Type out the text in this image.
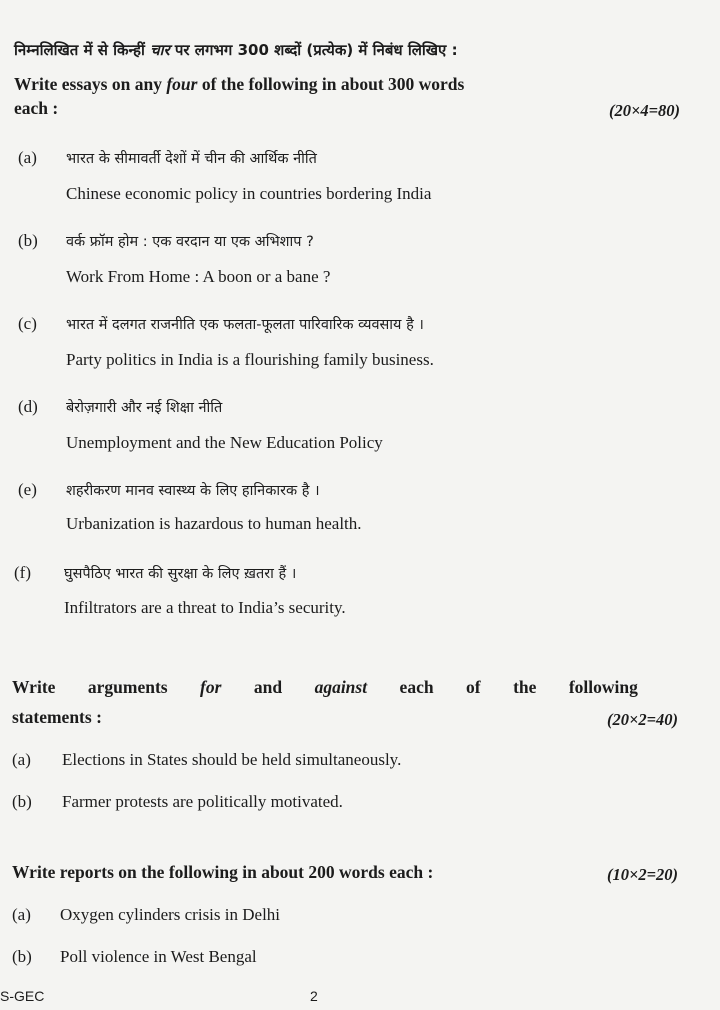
निम्नलिखित में से किन्हीं चार पर लगभग 300 शब्दों (प्रत्येक) में निबंध लिखिए :
Write essays on any four of the following in about 300 words
each :	(20×4=80)
(a) भारत के सीमावर्ती देशों में चीन की आर्थिक नीति
Chinese economic policy in countries bordering India
(b) वर्क फ्रॉम होम : एक वरदान या एक अभिशाप ?
Work From Home : A boon or a bane ?
(c) भारत में दलगत राजनीति एक फलता-फूलता पारिवारिक व्यवसाय है ।
Party politics in India is a flourishing family business.
(d) बेरोज़गारी और नई शिक्षा नीति
Unemployment and the New Education Policy
(e) शहरीकरण मानव स्वास्थ्य के लिए हानिकारक है ।
Urbanization is hazardous to human health.
(f) घुसपैठिए भारत की सुरक्षा के लिए ख़तरा हैं ।
Infiltrators are a threat to India’s security.
Write arguments for and against each of the following
statements :	(20×2=40)
(a) Elections in States should be held simultaneously.
(b) Farmer protests are politically motivated.
Write reports on the following in about 200 words each :	(10×2=20)
(a) Oxygen cylinders crisis in Delhi
(b) Poll violence in West Bengal
S-GEC	2
